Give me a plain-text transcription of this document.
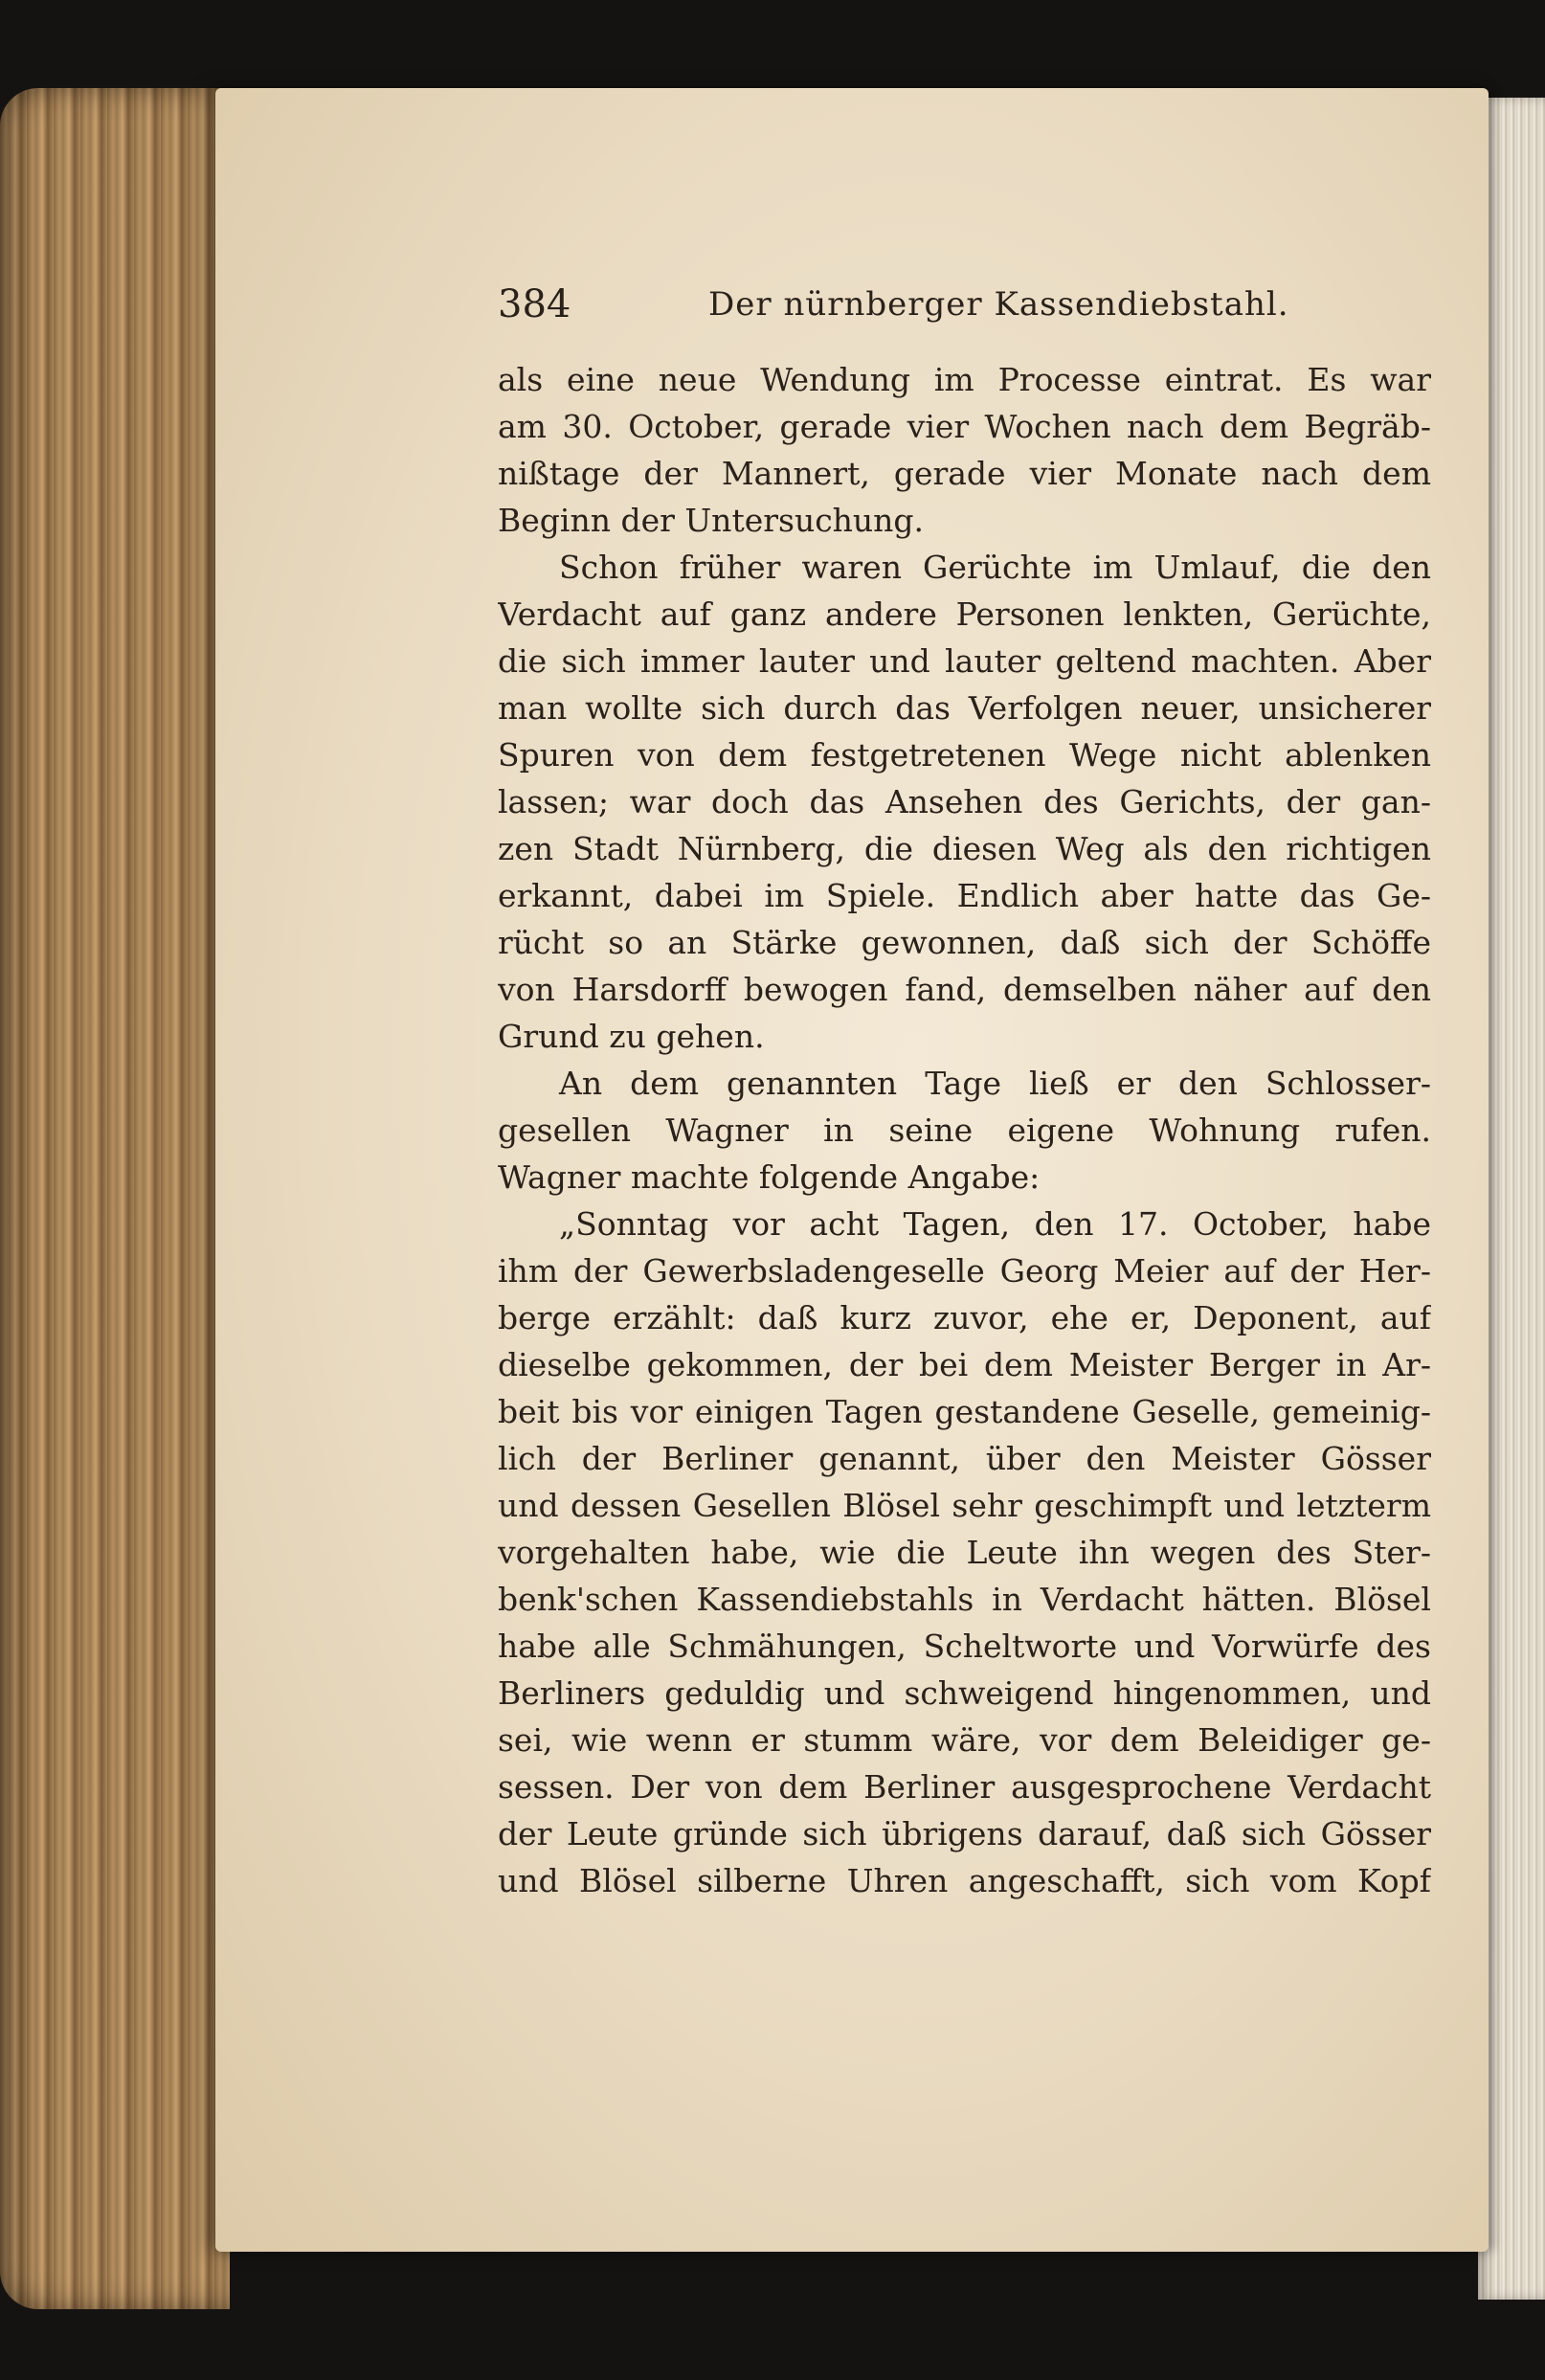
384	Der nürnberger Kassendiebstahl.
als eine neue Wendung im Processe eintrat. Es war
am 30. October, gerade vier Wochen nach dem Begräb-
nißtage der Mannert, gerade vier Monate nach dem
Beginn der Untersuchung.
Schon früher waren Gerüchte im Umlauf, die den
Verdacht auf ganz andere Personen lenkten, Gerüchte,
die sich immer lauter und lauter geltend machten. Aber
man wollte sich durch das Verfolgen neuer, unsicherer
Spuren von dem festgetretenen Wege nicht ablenken
lassen; war doch das Ansehen des Gerichts, der gan-
zen Stadt Nürnberg, die diesen Weg als den richtigen
erkannt, dabei im Spiele. Endlich aber hatte das Ge-
rücht so an Stärke gewonnen, daß sich der Schöffe
von Harsdorff bewogen fand, demselben näher auf den
Grund zu gehen.
An dem genannten Tage ließ er den Schlosser-
gesellen Wagner in seine eigene Wohnung rufen.
Wagner machte folgende Angabe:
„Sonntag vor acht Tagen, den 17. October, habe
ihm der Gewerbsladengeselle Georg Meier auf der Her-
berge erzählt: daß kurz zuvor, ehe er, Deponent, auf
dieselbe gekommen, der bei dem Meister Berger in Ar-
beit bis vor einigen Tagen gestandene Geselle, gemeinig-
lich der Berliner genannt, über den Meister Gösser
und dessen Gesellen Blösel sehr geschimpft und letzterm
vorgehalten habe, wie die Leute ihn wegen des Ster-
benk'schen Kassendiebstahls in Verdacht hätten. Blösel
habe alle Schmähungen, Scheltworte und Vorwürfe des
Berliners geduldig und schweigend hingenommen, und
sei, wie wenn er stumm wäre, vor dem Beleidiger ge-
sessen. Der von dem Berliner ausgesprochene Verdacht
der Leute gründe sich übrigens darauf, daß sich Gösser
und Blösel silberne Uhren angeschafft, sich vom Kopf
